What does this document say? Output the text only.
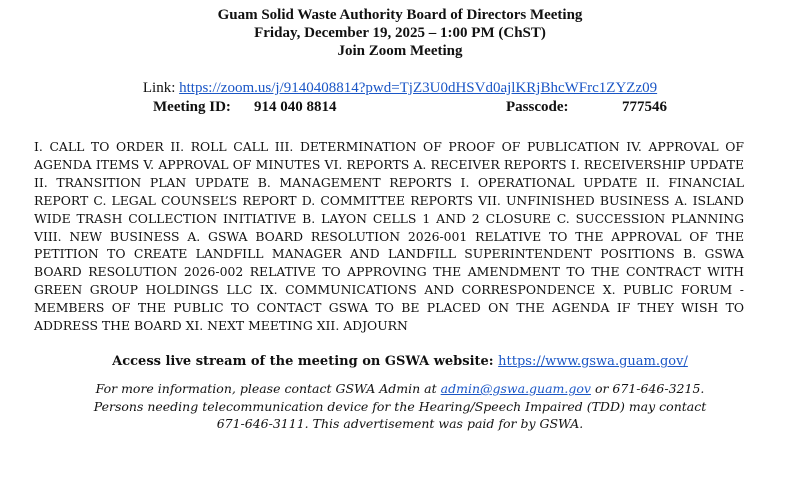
Guam Solid Waste Authority Board of Directors Meeting
Friday, December 19, 2025 – 1:00 PM (ChST)
Join Zoom Meeting
Link: https://zoom.us/j/9140408814?pwd=TjZ3U0dHSVd0ajlKRjBhcWFrc1ZYZz09
Meeting ID: 914 040 8814	Passcode:	777546

I. CALL TO ORDER II. ROLL CALL III. DETERMINATION OF PROOF OF PUBLICATION IV. APPROVAL OF AGENDA ITEMS V. APPROVAL OF MINUTES VI. REPORTS A. RECEIVER REPORTS I. RECEIVERSHIP UPDATE II. TRANSITION PLAN UPDATE B. MANAGEMENT REPORTS I. OPERATIONAL UPDATE II. FINANCIAL REPORT C. LEGAL COUNSEL’S REPORT D. COMMITTEE REPORTS VII. UNFINISHED BUSINESS A. ISLAND WIDE TRASH COLLECTION INITIATIVE B. LAYON CELLS 1 AND 2 CLOSURE C. SUCCESSION PLANNING VIII. NEW BUSINESS A. GSWA BOARD RESOLUTION 2026-001 RELATIVE TO THE APPROVAL OF THE PETITION TO CREATE LANDFILL MANAGER AND LANDFILL SUPERINTENDENT POSITIONS B. GSWA BOARD RESOLUTION 2026-002 RELATIVE TO APPROVING THE AMENDMENT TO THE CONTRACT WITH GREEN GROUP HOLDINGS LLC IX. COMMUNICATIONS AND CORRESPONDENCE X. PUBLIC FORUM - MEMBERS OF THE PUBLIC TO CONTACT GSWA TO BE PLACED ON THE AGENDA IF THEY WISH TO ADDRESS THE BOARD XI. NEXT MEETING XII. ADJOURN

Access live stream of the meeting on GSWA website: https://www.gswa.guam.gov/
For more information, please contact GSWA Admin at admin@gswa.guam.gov or 671-646-3215.
Persons needing telecommunication device for the Hearing/Speech Impaired (TDD) may contact
671-646-3111. This advertisement was paid for by GSWA.
